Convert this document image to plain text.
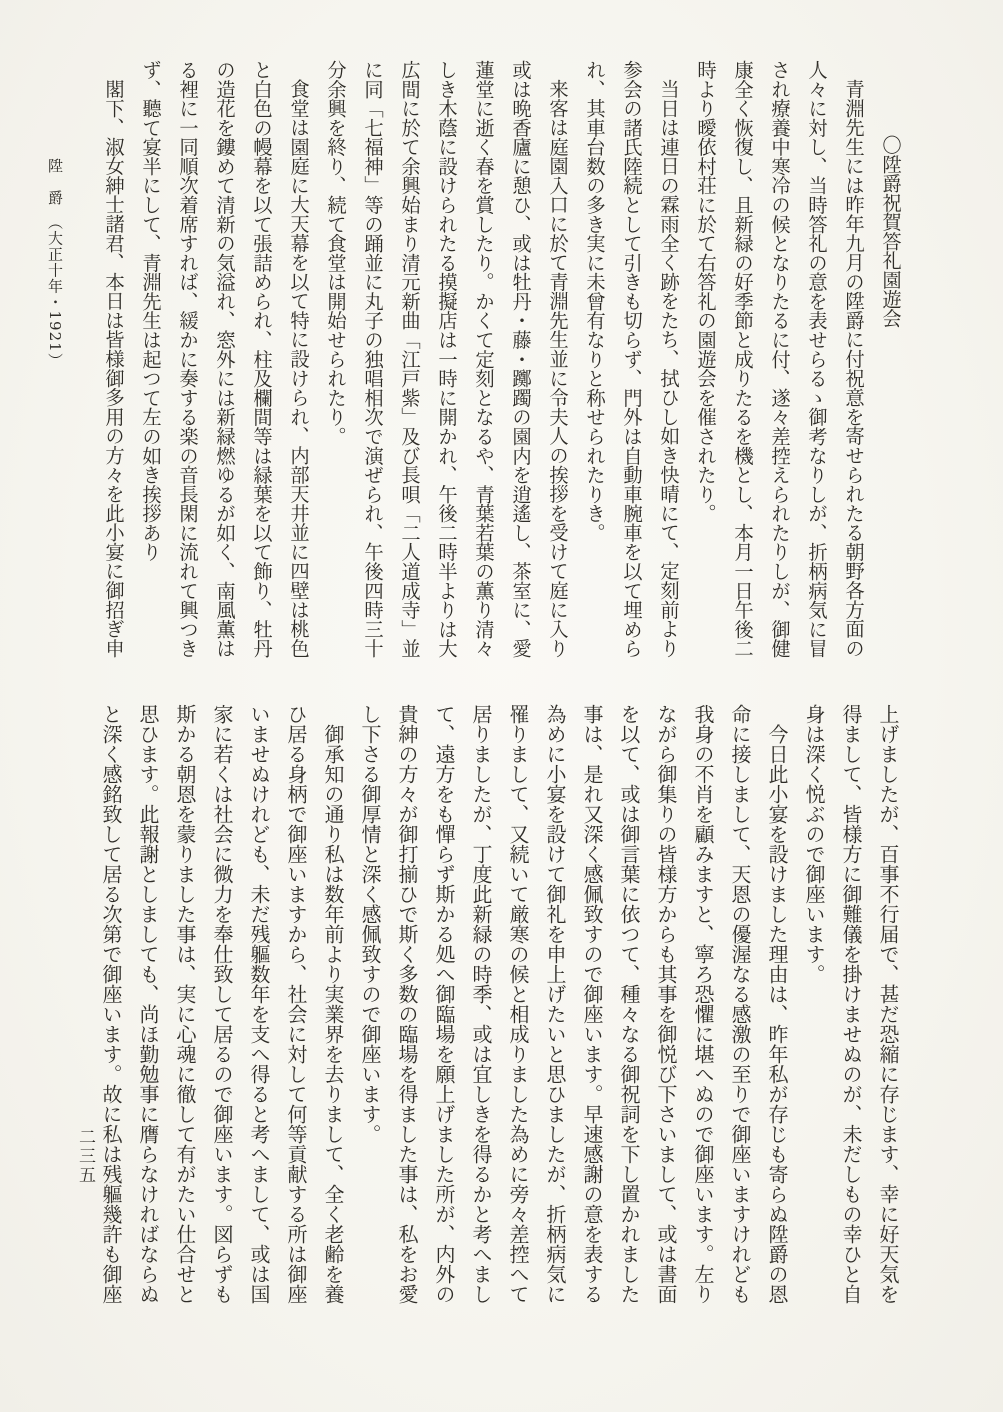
〇陞爵祝賀答礼園遊会

青淵先生には昨年九月の陞爵に付祝意を寄せられたる朝野各方面の人々に対し、当時答礼の意を表せらるゝ御考なりしが、折柄病気に冒され療養中寒冷の候となりたるに付、遂々差控えられたりしが、御健康全く恢復し、且新緑の好季節と成りたるを機とし、本月一日午後二時より曖依村荘に於て右答礼の園遊会を催されたり。

当日は連日の霖雨全く跡をたち、拭ひし如き快晴にて、定刻前より参会の諸氏陸続として引きも切らず、門外は自動車腕車を以て埋められ、其車台数の多き実に未曾有なりと称せられたりき。

来客は庭園入口に於て青淵先生並に令夫人の挨拶を受けて庭に入り或は晩香廬に憩ひ、或は牡丹・藤・躑躅の園内を逍遙し、茶室に、愛蓮堂に逝く春を賞したり。かくて定刻となるや、青葉若葉の薫り清々しき木蔭に設けられたる摸擬店は一時に開かれ、午後二時半よりは大広間に於て余興始まり清元新曲「江戸紫」及び長唄「二人道成寺」並に同「七福神」等の踊並に丸子の独唱相次で演ぜられ、午後四時三十分余興を終り、続て食堂は開始せられたり。

食堂は園庭に大天幕を以て特に設けられ、内部天井並に四壁は桃色と白色の幔幕を以て張詰められ、柱及欄間等は緑葉を以て飾り、牡丹の造花を鏤めて清新の気溢れ、窓外には新緑燃ゆるが如く、南風薫はる裡に一同順次着席すれば、緩かに奏する楽の音長閑に流れて興つきず、聽て宴半にして、青淵先生は起つて左の如き挨拶あり

閣下、淑女紳士諸君、本日は皆様御多用の方々を此小宴に御招ぎ申

上げましたが、百事不行届で、甚だ恐縮に存じます、幸に好天気を得まして、皆様方に御難儀を掛けませぬのが、未だしもの幸ひと自身は深く悦ぶので御座います。

今日此小宴を設けました理由は、昨年私が存じも寄らぬ陞爵の恩命に接しまして、天恩の優渥なる感激の至りで御座いますけれども我身の不肖を顧みますと、寧ろ恐懼に堪へぬので御座います。左りながら御集りの皆様方からも其事を御悦び下さいまして、或は書面を以て、或は御言葉に依つて、種々なる御祝詞を下し置かれました事は、是れ又深く感佩致すので御座います。早速感謝の意を表する為めに小宴を設けて御礼を申上げたいと思ひましたが、折柄病気に罹りまして、又続いて厳寒の候と相成りました為めに旁々差控へて居りましたが、丁度此新緑の時季、或は宜しきを得るかと考へまして、遠方をも憚らず斯かる処へ御臨場を願上げました所が、内外の貴紳の方々が御打揃ひで斯く多数の臨場を得ました事は、私をお愛し下さる御厚情と深く感佩致すので御座います。

御承知の通り私は数年前より実業界を去りまして、全く老齢を養ひ居る身柄で御座いますから、社会に対して何等貢献する所は御座いませぬけれども、未だ残軀数年を支へ得ると考へまして、或は国家に若くは社会に微力を奉仕致して居るので御座います。図らずも斯かる朝恩を蒙りました事は、実に心魂に徹して有がたい仕合せと思ひます。此報謝としましても、尚ほ勤勉事に膺らなければならぬと深く感銘致して居る次第で御座います。故に私は残軀幾許も御座

陞　爵　（大正十年・1921）
二三五
